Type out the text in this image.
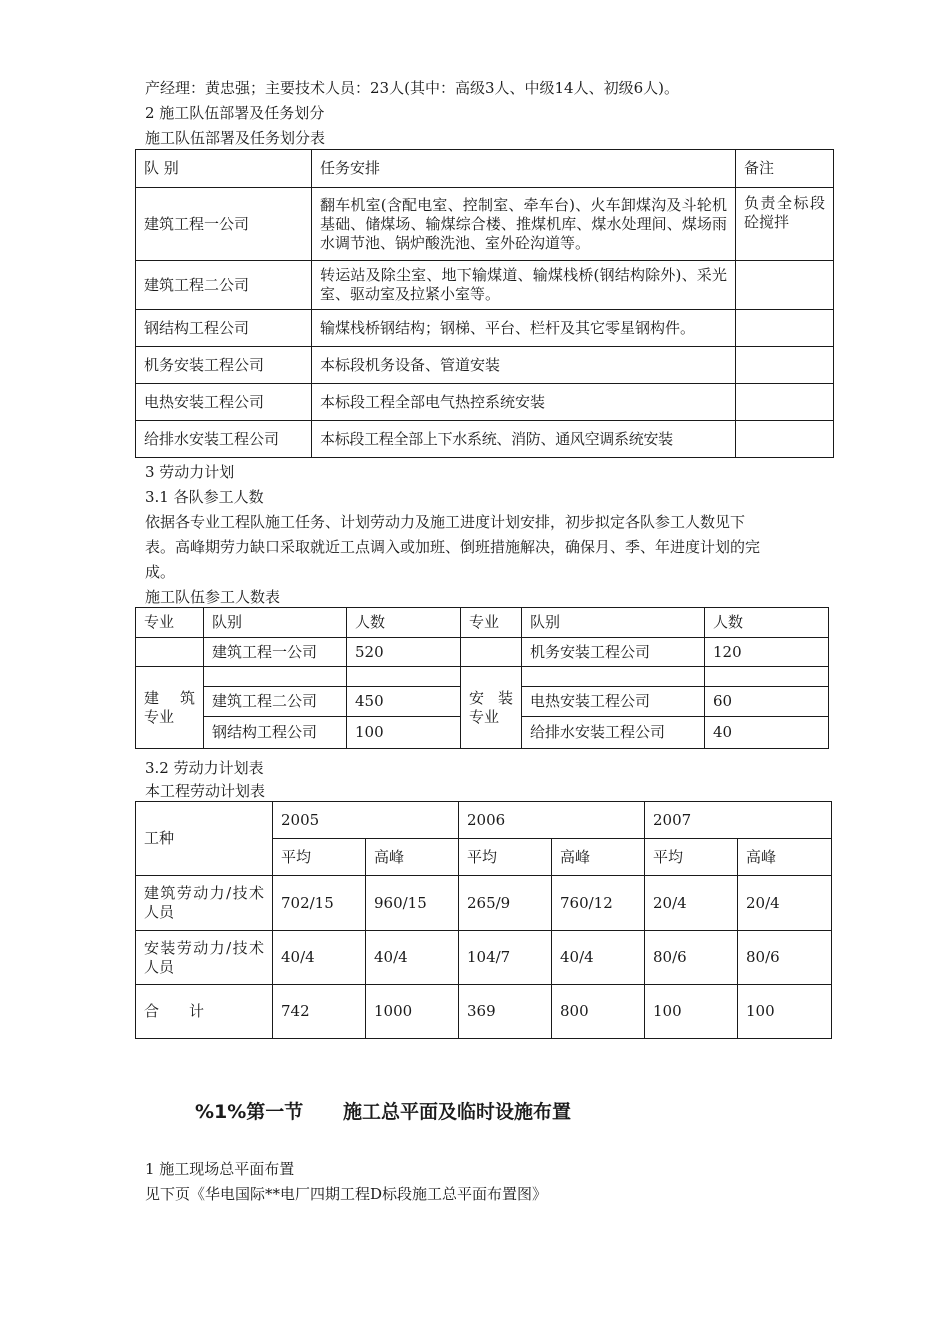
产经理：黄忠强；主要技术人员：23人(其中：高级3人、中级14人、初级6人)。
2 施工队伍部署及任务划分
施工队伍部署及任务划分表
队 别	任务安排	备注
建筑工程一公司	翻车机室(含配电室、控制室、牵车台)、火车卸煤沟及斗轮机基础、储煤场、输煤综合楼、推煤机库、煤水处理间、煤场雨水调节池、锅炉酸洗池、室外砼沟道等。	负责全标段砼搅拌
建筑工程二公司	转运站及除尘室、地下输煤道、输煤栈桥(钢结构除外)、采光室、驱动室及拉紧小室等。	
钢结构工程公司	输煤栈桥钢结构；钢梯、平台、栏杆及其它零星钢构件。	
机务安装工程公司	本标段机务设备、管道安装	
电热安装工程公司	本标段工程全部电气热控系统安装	
给排水安装工程公司	本标段工程全部上下水系统、消防、通风空调系统安装	
3 劳动力计划
3.1 各队参工人数
依据各专业工程队施工任务、计划劳动力及施工进度计划安排，初步拟定各队参工人数见下
表。高峰期劳力缺口采取就近工点调入或加班、倒班措施解决，确保月、季、年进度计划的完
成。
施工队伍参工人数表
专业	队别	人数	专业	队别	人数
	建筑工程一公司	520		机务安装工程公司	120
建 筑 专业			安 装 专业		
	建筑工程二公司	450		电热安装工程公司	60
	钢结构工程公司	100		给排水安装工程公司	40
3.2 劳动力计划表
本工程劳动计划表
工种	2005		2006		2007	
	平均	高峰	平均	高峰	平均	高峰
建筑劳动力/技术人员	702/15	960/15	265/9	760/12	20/4	20/4
安装劳动力/技术人员	40/4	40/4	104/7	40/4	80/6	80/6
合　　计	742	1000	369	800	100	100
%1%第一节      施工总平面及临时设施布置
1 施工现场总平面布置
见下页《华电国际**电厂四期工程D标段施工总平面布置图》
